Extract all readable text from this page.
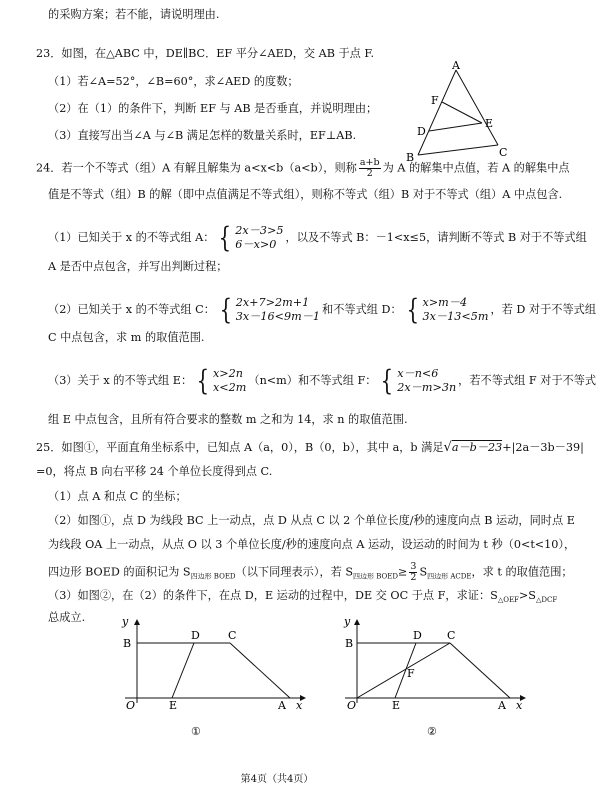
的采购方案；若不能，请说明理由.
23．如图，在△ABC 中，DE∥BC．EF 平分∠AED，交 AB 于点 F.
（1）若∠A=52°，∠B=60°，求∠AED 的度数；
（2）在（1）的条件下，判断 EF 与 AB 是否垂直，并说明理由；
（3）直接写出当∠A 与∠B 满足怎样的数量关系时，EF⊥AB.
24．若一个不等式（组）A 有解且解集为 a<x<b（a<b），则称 $\frac{a+b}{2}$ 为 A 的解集中点值，若 A 的解集中点
值是不等式（组）B 的解（即中点值满足不等式组），则称不等式（组）B 对于不等式（组）A 中点包含.
（1）已知关于 x 的不等式组 A： { 2x－3>5
6－x>0
，以及不等式 B：－1<x≤5，请判断不等式 B 对于不等式组
A 是否中点包含，并写出判断过程；
（2）已知关于 x 的不等式组 C： { 2x+7>2m+1
3x－16<9m－1
和不等式组 D： { x>m－4
3x－13<5m
，若 D 对于不等式组
C 中点包含，求 m 的取值范围.
（3）关于 x 的不等式组 E： { x>2n
x<2m
（n<m）和不等式组 F： { x－n<6
2x－m>3n
，若不等式组 F 对于不等式
组 E 中点包含，且所有符合要求的整数 m 之和为 14，求 n 的取值范围.
25．如图①，平面直角坐标系中，已知点 A（a，0），B（0，b），其中 a，b 满足√a－b－23+|2a－3b－39|
=0，将点 B 向右平移 24 个单位长度得到点 C.
（1）点 A 和点 C 的坐标；
（2）如图①，点 D 为线段 BC 上一动点，点 D 从点 C 以 2 个单位长度/秒的速度向点 B 运动，同时点 E
为线段 OA 上一动点，从点 O 以 3 个单位长度/秒的速度向点 A 运动，设运动的时间为 t 秒（0<t<10），
四边形 BOED 的面积记为 $S_{四边形 BOED}$（以下同理表示），若 $S_{四边形 BOED}\ge \frac{3}{2} S_{四边形 ACDE}$，求 t 的取值范围；
（3）如图②，在（2）的条件下，在点 D，E 运动的过程中，DE 交 OC 于点 F，求证：$S_{\triangle OEF}>S_{\triangle DCF}$
总成立.
A
F
E
D
B	C
y
B
D	C
O	E	A x
①
y
B
D C
F
O	E	A x
②
第4页（共4页）
